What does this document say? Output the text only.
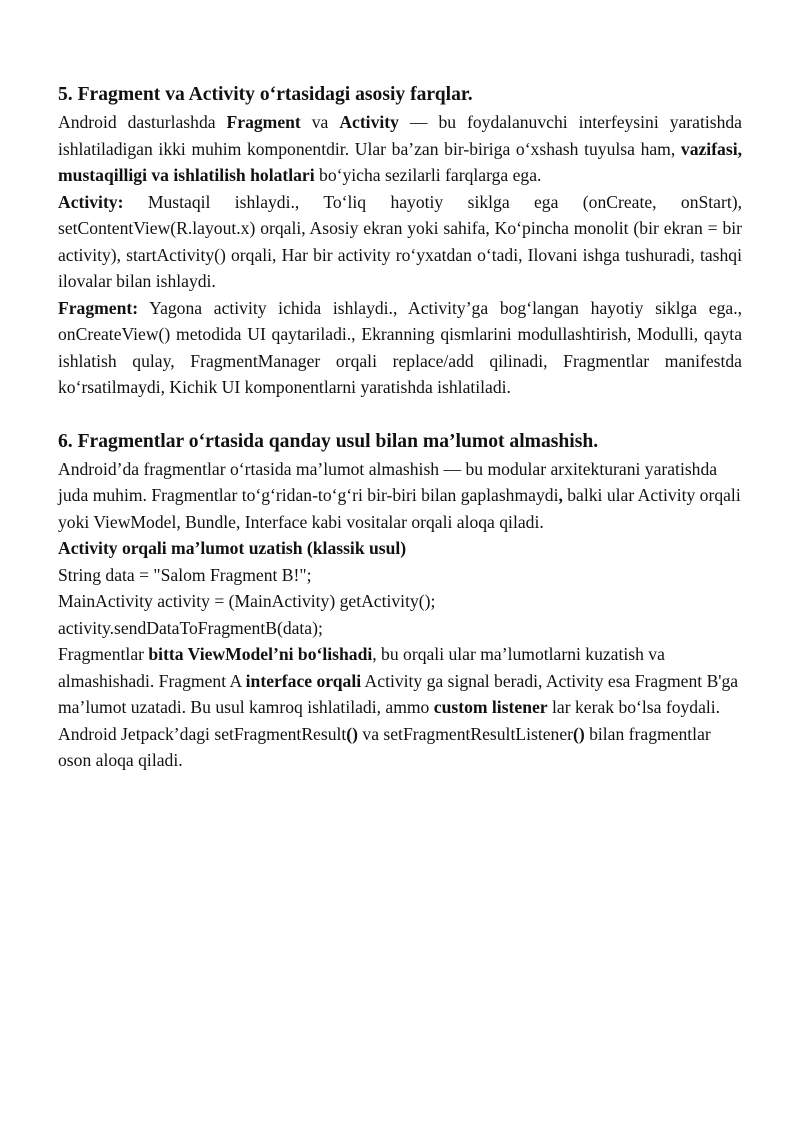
5. Fragment va Activity o‘rtasidagi asosiy farqlar.

Android dasturlashda Fragment va Activity — bu foydalanuvchi interfeysini yaratishda ishlatiladigan ikki muhim komponentdir. Ular ba’zan bir-biriga o‘xshash tuyulsa ham, vazifasi, mustaqilligi va ishlatilish holatlari bo‘yicha sezilarli farqlarga ega.

Activity: Mustaqil ishlaydi., To‘liq hayotiy siklga ega (onCreate, onStart), setContentView(R.layout.x) orqali, Asosiy ekran yoki sahifa, Ko‘pincha monolit (bir ekran = bir activity), startActivity() orqali, Har bir activity ro‘yxatdan o‘tadi, Ilovani ishga tushuradi, tashqi ilovalar bilan ishlaydi.

Fragment: Yagona activity ichida ishlaydi., Activity’ga bog‘langan hayotiy siklga ega., onCreateView() metodida UI qaytariladi., Ekranning qismlarini modullashtirish, Modulli, qayta ishlatish qulay, FragmentManager orqali replace/add qilinadi, Fragmentlar manifestda ko‘rsatilmaydi, Kichik UI komponentlarni yaratishda ishlatiladi.

6. Fragmentlar o‘rtasida qanday usul bilan ma’lumot almashish.

Android’da fragmentlar o‘rtasida ma’lumot almashish — bu modular arxitekturani yaratishda juda muhim. Fragmentlar to‘g‘ridan-to‘g‘ri bir-biri bilan gaplashmaydi, balki ular Activity orqali yoki ViewModel, Bundle, Interface kabi vositalar orqali aloqa qiladi.

Activity orqali ma’lumot uzatish (klassik usul)

String data = "Salom Fragment B!";
MainActivity activity = (MainActivity) getActivity();
activity.sendDataToFragmentB(data);

Fragmentlar bitta ViewModel’ni bo‘lishadi, bu orqali ular ma’lumotlarni kuzatish va almashishadi. Fragment A interface orqali Activity ga signal beradi, Activity esa Fragment B'ga ma’lumot uzatadi. Bu usul kamroq ishlatiladi, ammo custom listener lar kerak bo‘lsa foydali. Android Jetpack’dagi setFragmentResult() va setFragmentResultListener() bilan fragmentlar oson aloqa qiladi.
